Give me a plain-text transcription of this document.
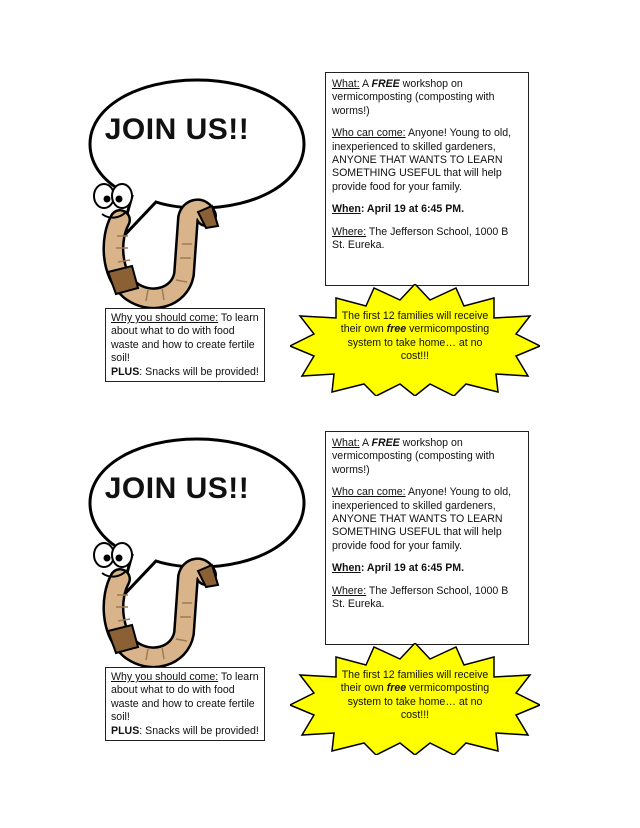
JOIN US!!

What: A FREE workshop on vermicomposting (composting with worms!)

Who can come: Anyone! Young to old, inexperienced to skilled gardeners, ANYONE THAT WANTS TO LEARN SOMETHING USEFUL that will help provide food for your family.

When: April 19 at 6:45 PM.

Where: The Jefferson School, 1000 B St. Eureka.

Why you should come: To learn about what to do with food waste and how to create fertile soil!
PLUS: Snacks will be provided!
The first 12 families will receive their own free vermicomposting system to take home… at no cost!!!
JOIN US!!

What: A FREE workshop on vermicomposting (composting with worms!)

Who can come: Anyone! Young to old, inexperienced to skilled gardeners, ANYONE THAT WANTS TO LEARN SOMETHING USEFUL that will help provide food for your family.

When: April 19 at 6:45 PM.

Where: The Jefferson School, 1000 B St. Eureka.

Why you should come: To learn about what to do with food waste and how to create fertile soil!
PLUS: Snacks will be provided!
The first 12 families will receive their own free vermicomposting system to take home… at no cost!!!
